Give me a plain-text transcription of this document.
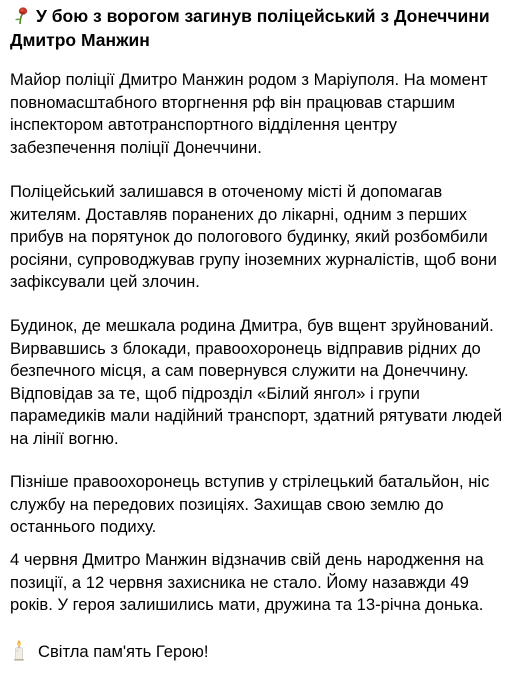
У бою з ворогом загинув поліцейський з Донеччини
Дмитро Манжин
Майор поліції Дмитро Манжин родом з Маріуполя. На момент
повномасштабного вторгнення рф він працював старшим
інспектором автотранспортного відділення центру
забезпечення поліції Донеччини.
Поліцейський залишався в оточеному місті й допомагав
жителям. Доставляв поранених до лікарні, одним з перших
прибув на порятунок до пологового будинку, який розбомбили
росіяни, супроводжував групу іноземних журналістів, щоб вони
зафіксували цей злочин.
Будинок, де мешкала родина Дмитра, був вщент зруйнований.
Вирвавшись з блокади, правоохоронець відправив рідних до
безпечного місця, а сам повернувся служити на Донеччину.
Відповідав за те, щоб підрозділ «Білий янгол» і групи
парамедиків мали надійний транспорт, здатний рятувати людей
на лінії вогню.
Пізніше правоохоронець вступив у стрілецький батальйон, ніс
службу на передових позиціях. Захищав свою землю до
останнього подиху.
4 червня Дмитро Манжин відзначив свій день народження на
позиції, а 12 червня захисника не стало. Йому назавжди 49
років. У героя залишились мати, дружина та 13-річна донька.
Світла пам'ять Герою!
